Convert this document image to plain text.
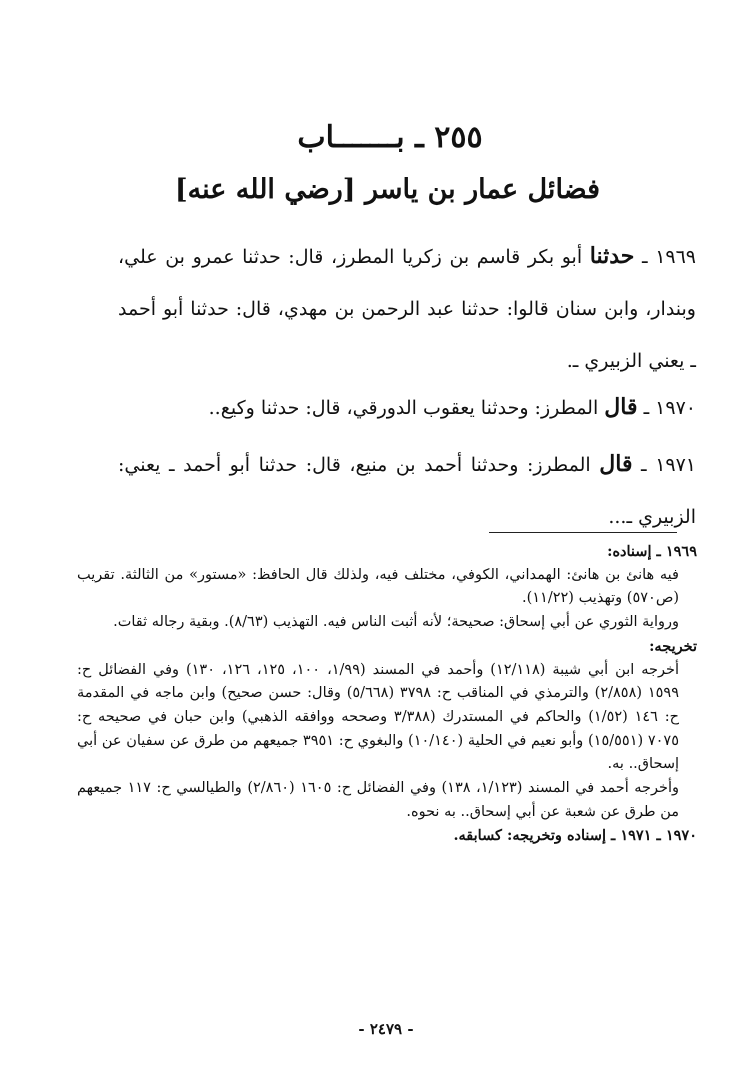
٢٥٥ ـ بـــــــاب
فضائل عمار بن ياسر [رضي الله عنه]
١٩٦٩ ـ حدثنا أبو بكر قاسم بن زكريا المطرز، قال: حدثنا عمرو بن علي، وبندار، وابن سنان قالوا: حدثنا عبد الرحمن بن مهدي، قال: حدثنا أبو أحمد ـ يعني الزبيري ـ.
١٩٧٠ ـ قال المطرز: وحدثنا يعقوب الدورقي، قال: حدثنا وكيع..
١٩٧١ ـ قال المطرز: وحدثنا أحمد بن منيع، قال: حدثنا أبو أحمد ـ يعني: الزبيري ـ...

١٩٦٩ ـ إسناده:

فيه هانئ بن هانئ: الهمداني، الكوفي، مختلف فيه، ولذلك قال الحافظ: «مستور» من الثالثة. تقريب (ص٥٧٠) وتهذيب (١١/٢٢).

ورواية الثوري عن أبي إسحاق: صحيحة؛ لأنه أثبت الناس فيه. التهذيب (٨/٦٣). وبقية رجاله ثقات.

تخريجه:

أخرجه ابن أبي شيبة (١٢/١١٨) وأحمد في المسند (١/٩٩، ١٠٠، ١٢٥، ١٢٦، ١٣٠) وفي الفضائل ح: ١٥٩٩ (٢/٨٥٨) والترمذي في المناقب ح: ٣٧٩٨ (٥/٦٦٨) وقال: حسن صحيح) وابن ماجه في المقدمة ح: ١٤٦ (١/٥٢) والحاكم في المستدرك (٣/٣٨٨ وصححه ووافقه الذهبي) وابن حبان في صحيحه ح: ٧٠٧٥ (١٥/٥٥١) وأبو نعيم في الحلية (١٠/١٤٠) والبغوي ح: ٣٩٥١ جميعهم من طرق عن سفيان عن أبي إسحاق.. به.

وأخرجه أحمد في المسند (١/١٢٣، ١٣٨) وفي الفضائل ح: ١٦٠٥ (٢/٨٦٠) والطيالسي ح: ١١٧ جميعهم من طرق عن شعبة عن أبي إسحاق.. به نحوه.

١٩٧٠ ـ ١٩٧١ ـ إسناده وتخريجه: كسابقه.

- ٢٤٧٩ -
